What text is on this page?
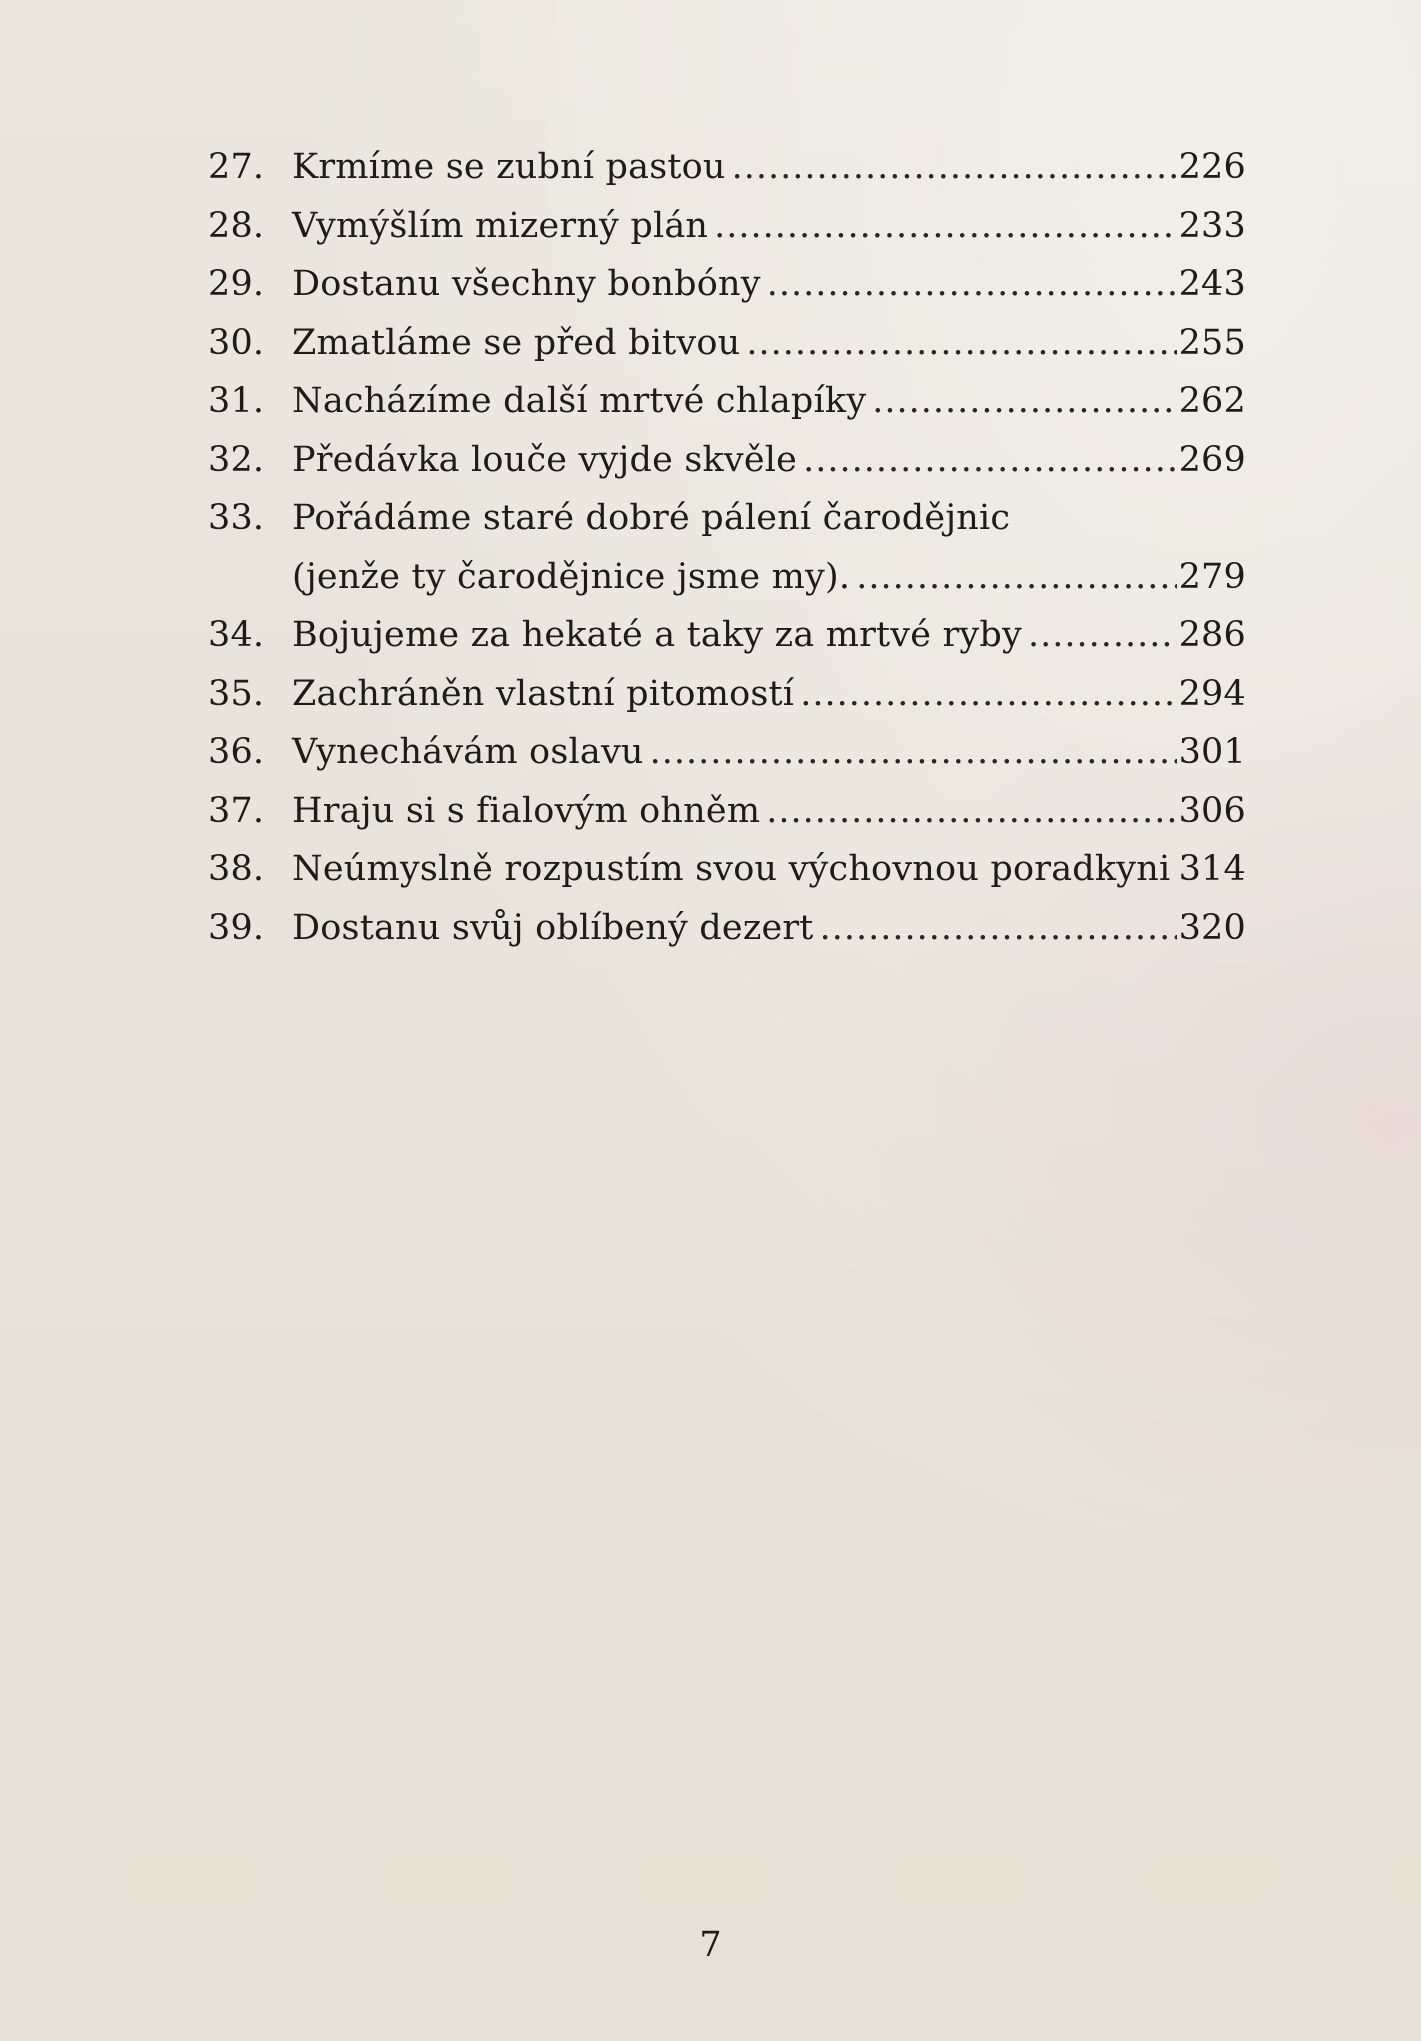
27. Krmíme se zubní pastou .....	226
28. Vymýšlím mizerný plán .....	233
29. Dostanu všechny bonbóny .....	243
30. Zmatláme se před bitvou .....	255
31. Nacházíme další mrtvé chlapíky .....	262
32. Předávka louče vyjde skvěle .....	269
33. Pořádáme staré dobré pálení čarodějnic
(jenže ty čarodějnice jsme my). .....	279
34. Bojujeme za hekaté a taky za mrtvé ryby .....	286
35. Zachráněn vlastní pitomostí .....	294
36. Vynechávám oslavu .....	301
37. Hraju si s fialovým ohněm .....	306
38. Neúmyslně rozpustím svou výchovnou poradkyni ..... 314
39. Dostanu svůj oblíbený dezert .....	320
7
